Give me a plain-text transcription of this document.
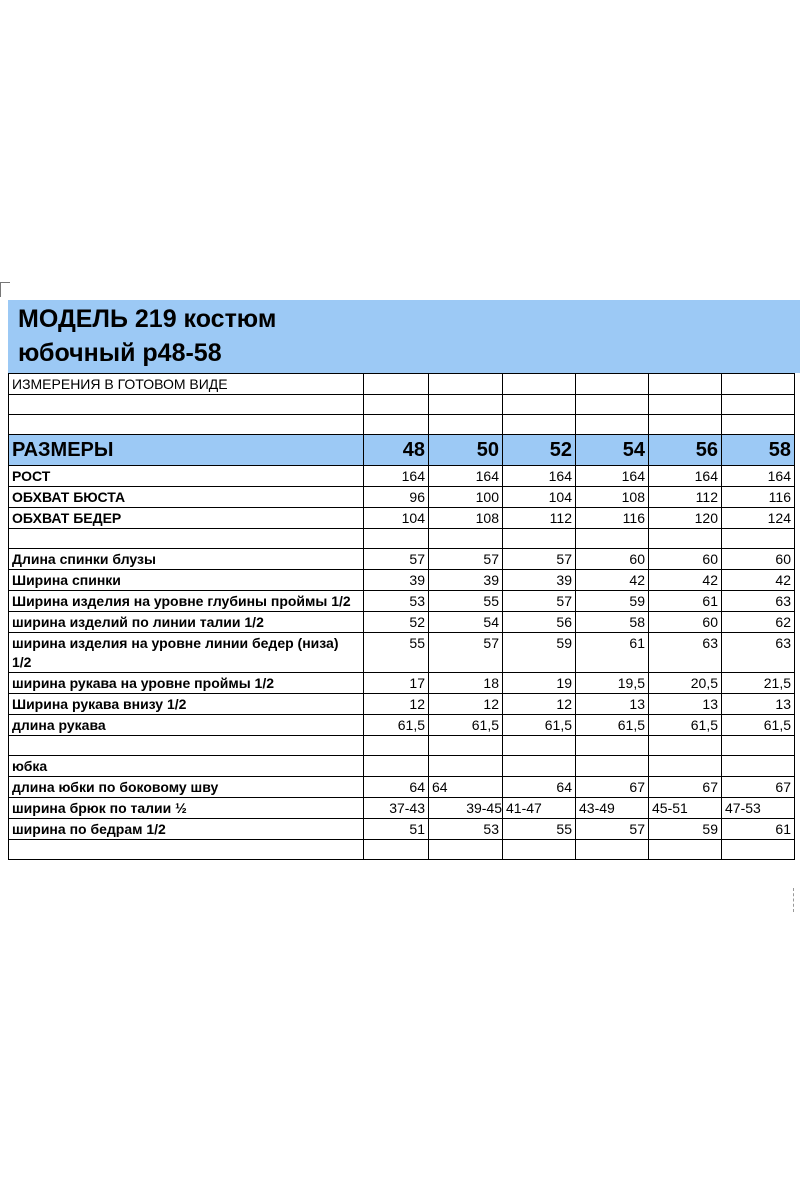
МОДЕЛЬ 219 костюм
юбочный р48-58
ИЗМЕРЕНИЯ В ГОТОВОМ ВИДЕ						

РАЗМЕРЫ	48	50	52	54	56	58
РОСТ	164	164	164	164	164	164
ОБХВАТ БЮСТА	96	100	104	108	112	116
ОБХВАТ БЕДЕР	104	108	112	116	120	124

Длина спинки блузы	57	57	57	60	60	60
Ширина спинки	39	39	39	42	42	42
Ширина изделия на уровне глубины проймы 1/2	53	55	57	59	61	63
ширина изделий по линии талии 1/2	52	54	56	58	60	62
ширина изделия на уровне линии бедер (низа) 1/2	55	57	59	61	63	63
ширина рукава на уровне проймы 1/2	17	18	19	19,5	20,5	21,5
Ширина рукава внизу 1/2	12	12	12	13	13	13
длина рукава	61,5	61,5	61,5	61,5	61,5	61,5

юбка						
длина юбки по боковому шву	64	64	64	67	67	67
ширина брюк по талии ½	37-43	39-45	41-47	43-49	45-51	47-53
ширина по бедрам 1/2	51	53	55	57	59	61
